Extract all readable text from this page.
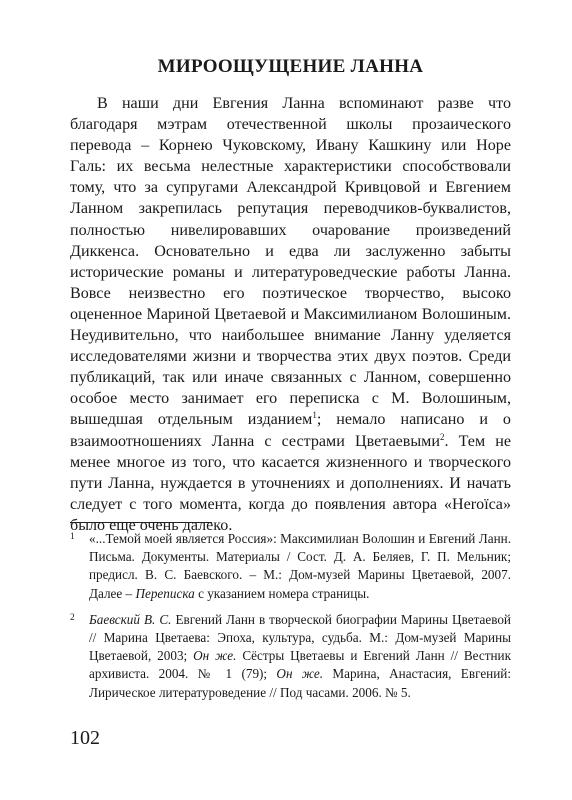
МИРООЩУЩЕНИЕ ЛАННА

В наши дни Евгения Ланна вспоминают разве что благодаря мэтрам отечественной школы прозаического перевода – Корнею Чуковскому, Ивану Кашкину или Норе Галь: их весьма нелестные характеристики способствовали тому, что за супругами Александрой Кривцовой и Евгением Ланном закрепилась репутация переводчиков-буквалистов, полностью нивелировавших очарование произведений Диккенса. Основательно и едва ли заслуженно забыты исторические романы и литературоведческие работы Ланна. Вовсе неизвестно его поэтическое творчество, высоко оцененное Мариной Цветаевой и Максимилианом Волошиным. Неудивительно, что наибольшее внимание Ланну уделяется исследователями жизни и творчества этих двух поэтов. Среди публикаций, так или иначе связанных с Ланном, совершенно особое место занимает его переписка с М. Волошиным, вышедшая отдельным изданием$^1$; немало написано и о взаимоотношениях Ланна с сестрами Цветаевыми$^2$. Тем не менее многое из того, что касается жизненного и творческого пути Ланна, нуждается в уточнениях и дополнениях. И начать следует с того момента, когда до появления автора «Heroïca» было еще очень далеко.

1 «...Темой моей является Россия»: Максимилиан Волошин и Евгений Ланн. Письма. Документы. Материалы / Сост. Д. А. Беляев, Г. П. Мельник; предисл. В. С. Баевского. – М.: Дом-музей Марины Цветаевой, 2007. Далее – Переписка с указанием номера страницы.

2 Баевский В. С. Евгений Ланн в творческой биографии Марины Цветаевой // Марина Цветаева: Эпоха, культура, судьба. М.: Дом-музей Марины Цветаевой, 2003; Он же. Сёстры Цветаевы и Евгений Ланн // Вестник архивиста. 2004. № 1 (79); Он же. Марина, Анастасия, Евгений: Лирическое литературоведение // Под часами. 2006. № 5.

102
